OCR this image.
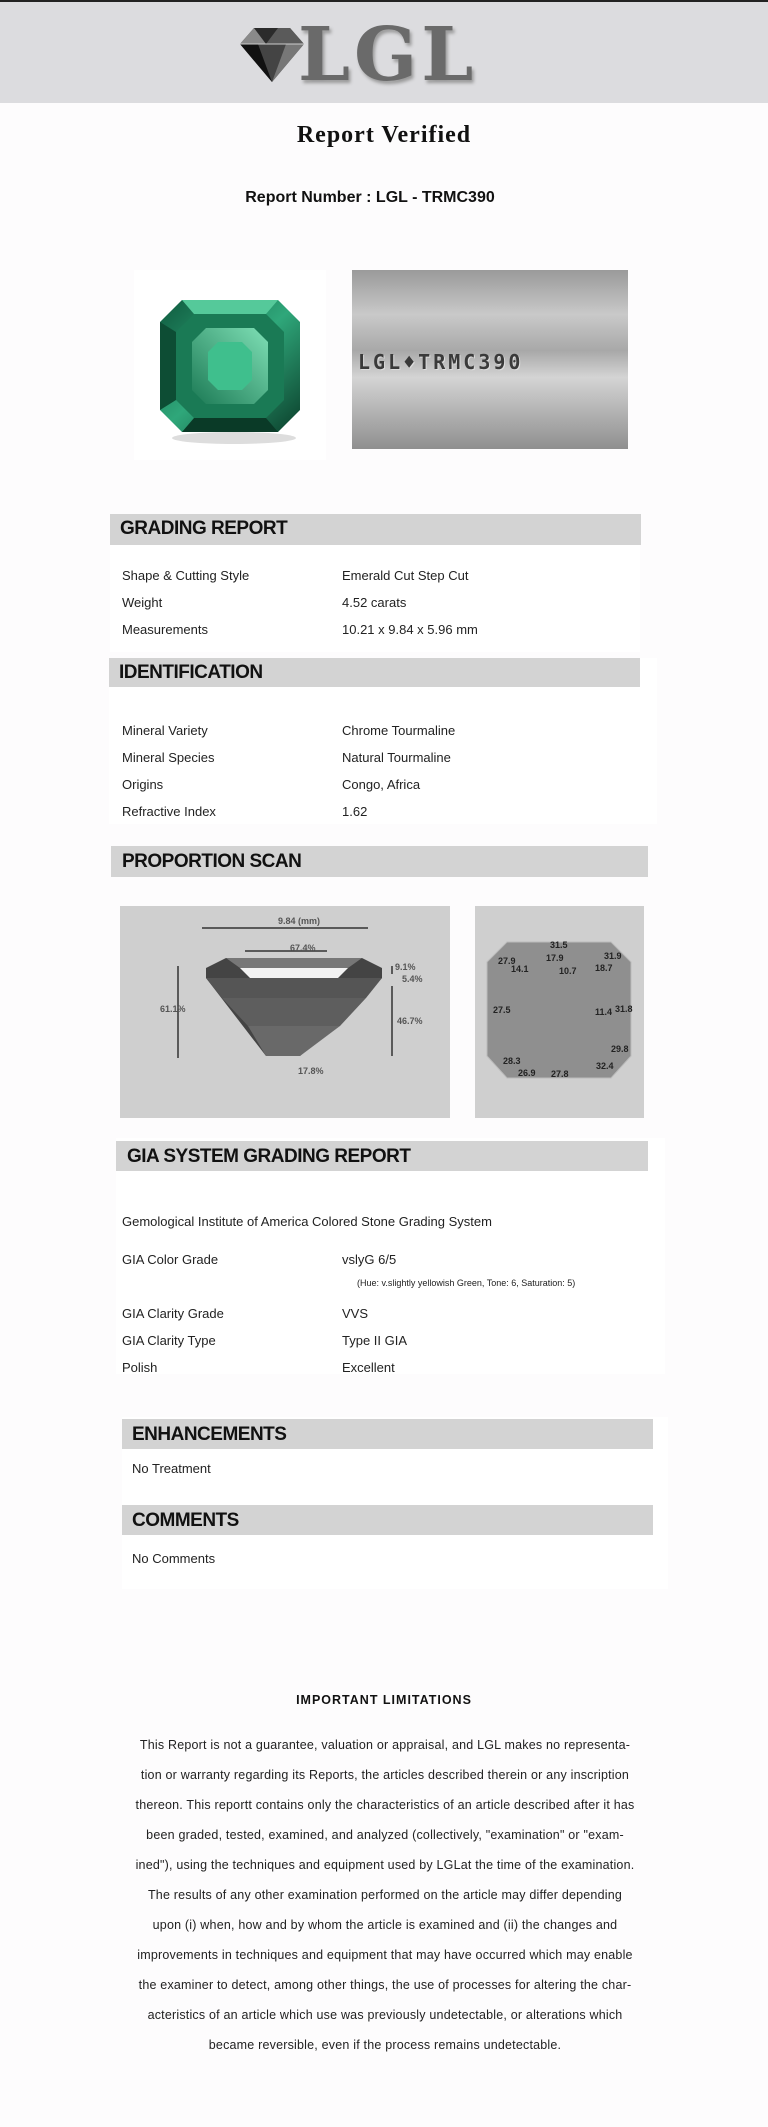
LGL
Report Verified
Report Number : LGL - TRMC390
LGL♦TRMC390
GRADING REPORT
Shape & Cutting Style	Emerald Cut Step Cut
Weight	4.52 carats
Measurements	10.21 x 9.84 x 5.96 mm
IDENTIFICATION
Mineral Variety	Chrome Tourmaline
Mineral Species	Natural Tourmaline
Origins	Congo, Africa
Refractive Index	1.62
PROPORTION SCAN
9.84 (mm)
67.4%
9.1%
5.4%
61.1%
46.7%
17.8%
31.5
27.9	17.9	31.9
14.1	10.7 18.7
27.5	11.4 31.8
29.8
28.3
26.9 27.8
32.4
GIA SYSTEM GRADING REPORT
Gemological Institute of America Colored Stone Grading System
GIA Color Grade	vslyG 6/5
(Hue: v.slightly yellowish Green, Tone: 6, Saturation: 5)
GIA Clarity Grade	VVS
GIA Clarity Type	Type II GIA
Polish	Excellent
ENHANCEMENTS
No Treatment
COMMENTS
No Comments
IMPORTANT LIMITATIONS
This Report is not a guarantee, valuation or appraisal, and LGL makes no representa-
tion or warranty regarding its Reports, the articles described therein or any inscription
thereon. This reportt contains only the characteristics of an article described after it has
been graded, tested, examined, and analyzed (collectively, "examination" or "exam-
ined"), using the techniques and equipment used by LGLat the time of the examination.
The results of any other examination performed on the article may differ depending
upon (i) when, how and by whom the article is examined and (ii) the changes and
improvements in techniques and equipment that may have occurred which may enable
the examiner to detect, among other things, the use of processes for altering the char-
acteristics of an article which use was previously undetectable, or alterations which
became reversible, even if the process remains undetectable.
